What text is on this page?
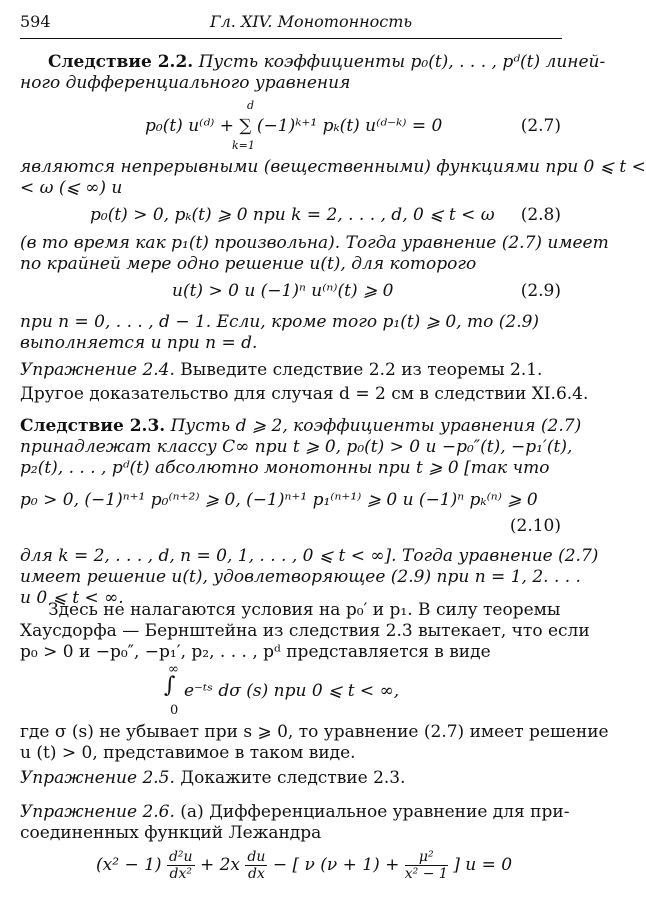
594	Гл. XIV. Монотонность
Следствие 2.2. Пусть коэффициенты p₀(t), . . . , pᵈ(t) линей-
ного дифференциального уравнения
d
p₀(t) u⁽ᵈ⁾ + ∑ (−1)ᵏ⁺¹ pₖ(t) u⁽ᵈ⁻ᵏ⁾ = 0
k=1
(2.7)
являются непрерывными (вещественными) функциями при 0 ⩽ t <
< ω (⩽ ∞) и
p₀(t) > 0, pₖ(t) ⩾ 0 при k = 2, . . . , d, 0 ⩽ t < ω (2.8)
(в то время как p₁(t) произвольна). Тогда уравнение (2.7) имеет
по крайней мере одно решение u(t), для которого
u(t) > 0 и (−1)ⁿ u⁽ⁿ⁾(t) ⩾ 0	(2.9)
при n = 0, . . . , d − 1. Если, кроме того p₁(t) ⩾ 0, то (2.9)
выполняется и при n = d.
Упражнение 2.4. Выведите следствие 2.2 из теоремы 2.1.
Другое доказательство для случая d = 2 см в следствии XI.6.4.
Следствие 2.3. Пусть d ⩾ 2, коэффициенты уравнения (2.7)
принадлежат классу C∞ при t ⩾ 0, p₀(t) > 0 и −p₀″(t), −p₁′(t),
p₂(t), . . . , pᵈ(t) абсолютно монотонны при t ⩾ 0 [так что
p₀ > 0, (−1)ⁿ⁺¹ p₀⁽ⁿ⁺²⁾ ⩾ 0, (−1)ⁿ⁺¹ p₁⁽ⁿ⁺¹⁾ ⩾ 0 и (−1)ⁿ pₖ⁽ⁿ⁾ ⩾ 0
(2.10)
для k = 2, . . . , d, n = 0, 1, . . . , 0 ⩽ t < ∞]. Тогда уравнение (2.7)
имеет решение u(t), удовлетворяющее (2.9) при n = 1, 2. . . .
и 0 ⩽ t < ∞.
Здесь не налагаются условия на p₀′ и p₁. В силу теоремы
Хаусдорфа — Бернштейна из следствия 2.3 вытекает, что если
p₀ > 0 и −p₀″, −p₁′, p₂, . . . , pᵈ представляется в виде
∞
∫ e⁻ᵗˢ dσ (s) при 0 ⩽ t < ∞,
0
где σ (s) не убывает при s ⩾ 0, то уравнение (2.7) имеет решение
u (t) > 0, представимое в таком виде.
Упражнение 2.5. Докажите следствие 2.3.
Упражнение 2.6. (a) Дифференциальное уравнение для при-
соединенных функций Лежандра
$(x^2 - 1) \frac{\text{d²u}}{\text{dx²}} + 2x \frac{du}{dx}$ − [ ν $(\nu + 1) + \frac{\text{μ²}}{\text{x² − 1}}$ ] u = 0
